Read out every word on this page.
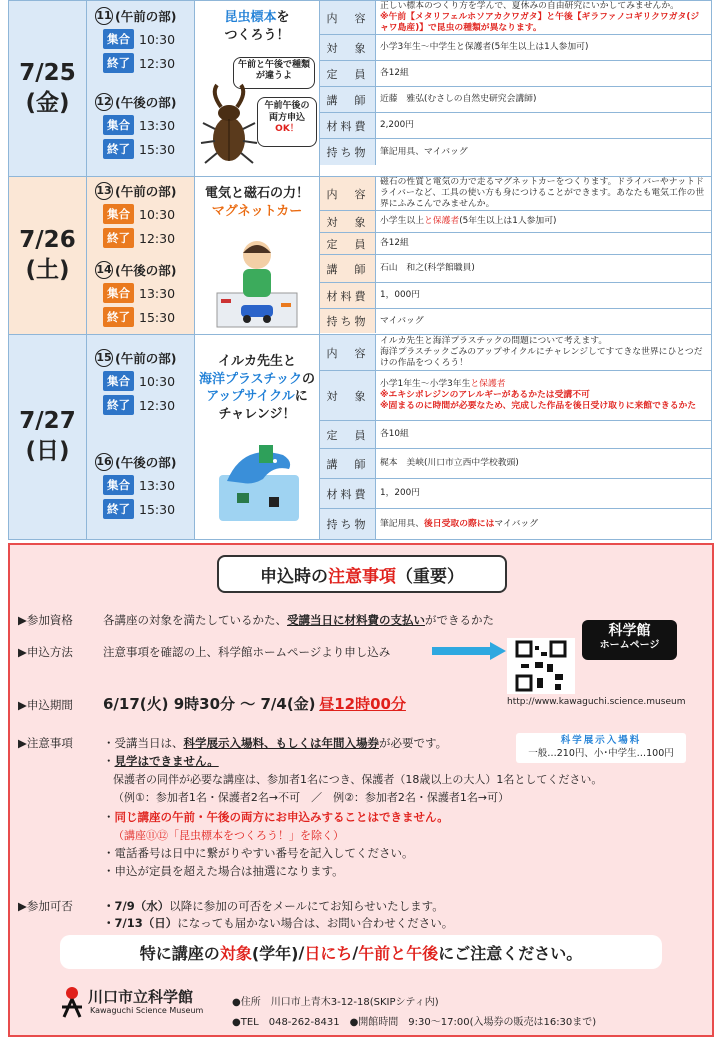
7/25
(金)
11 (午前の部)
集合 10:30
終了 12:30
12 (午後の部)
集合 13:30
終了 15:30
昆虫標本を
つくろう！
午前と午後で種類が違うよ
午前午後の両方申込
OK！
内　容
正しい標本のつくり方を学んで、夏休みの自由研究にいかしてみませんか。
※午前【メタリフェルホソアカクワガタ】と午後【ギラファノコギリクワガタ(ジャワ島産)】で昆虫の種類が異なります。
対　象	小学3年生～中学生と保護者(5年生以上は1人参加可)
定　員	各12組
講　師	近藤　雅弘(むさしの自然史研究会講師)
材料費	2,200円
持ち物	筆記用具、マイバッグ
7/26
(土)
13 (午前の部)
集合 10:30
終了 12:30
14 (午後の部)
集合 13:30
終了 15:30
電気と磁石の力！
マグネットカー
内　容
磁石の性質と電気の力で走るマグネットカーをつくります。ドライバーやナットドライバーなど、工具の使い方も身につけることができます。あなたも電気工作の世界にふみこんでみませんか。
対　象	小学生以上 と保護者 (5年生以上は1人参加可)
定　員	各12組
講　師	石山　和之(科学館職員)
材料費	1，000円
持ち物	マイバッグ
7/27
(日)
15 (午前の部)
集合 10:30
終了 12:30
16 (午後の部)
集合 13:30
終了 15:30
イルカ先生と
海洋プラスチックの
アップサイクルに
チャレンジ！
内　容
イルカ先生と海洋プラスチックの問題について考えます。
海洋プラスチックごみのアップサイクルにチャレンジしてすてきな世界にひとつだけの作品をつくろう！
対　象
小学1年生～小学3年生と保護者
※エキシポレジンのアレルギーがあるかたは受講不可
※固まるのに時間が必要なため、完成した作品を後日受け取りに来館できるかた
定　員	各10組
講　師	梶本　美峡(川口市立西中学校教頭)
材料費	1，200円
持ち物	筆記用具、 後日受取の際には マイバッグ
申込時の 注意事項 （重要）
▶参加資格	各講座の対象を満たしているかた、受講当日に材料費の支払いができるかた
▶申込方法	注意事項を確認の上、科学館ホームページより申し込み
科学館
ホームページ
http://www.kawaguchi.science.museum
▶申込期間 6/17(火) 9時30分 ～ 7/4(金) 昼12時00分
科学展示入場料
一般…210円、小･中学生…100円
▶注意事項	・受講当日は、科学展示入場料、もしくは年間入場券が必要です。
・見学はできません。
保護者の同伴が必要な講座は、参加者1名につき、保護者（18歳以上の大人）1名としてください。
（例①：参加者1名・保護者2名→不可　／　例②：参加者2名・保護者1名→可）
・同じ講座の午前・午後の両方にお申込みすることはできません。
（講座⑪⑫「昆虫標本をつくろう！」を除く）
・電話番号は日中に繋がりやすい番号を記入してください。
・申込が定員を超えた場合は抽選になります。
▶参加可否	・7/9（水）以降に参加の可否をメールにてお知らせいたします。
・7/13（日）になっても届かない場合は、お問い合わせください。
特に講座の 対象 (学年) / 日にち / 午前と午後 にご注意ください。
川口市立科学館
Kawaguchi Science Museum
●住所　川口市上青木3-12-18(SKIPシティ内)
●TEL　048-262-8431　●開館時間　9:30～17:00(入場券の販売は16:30まで)
